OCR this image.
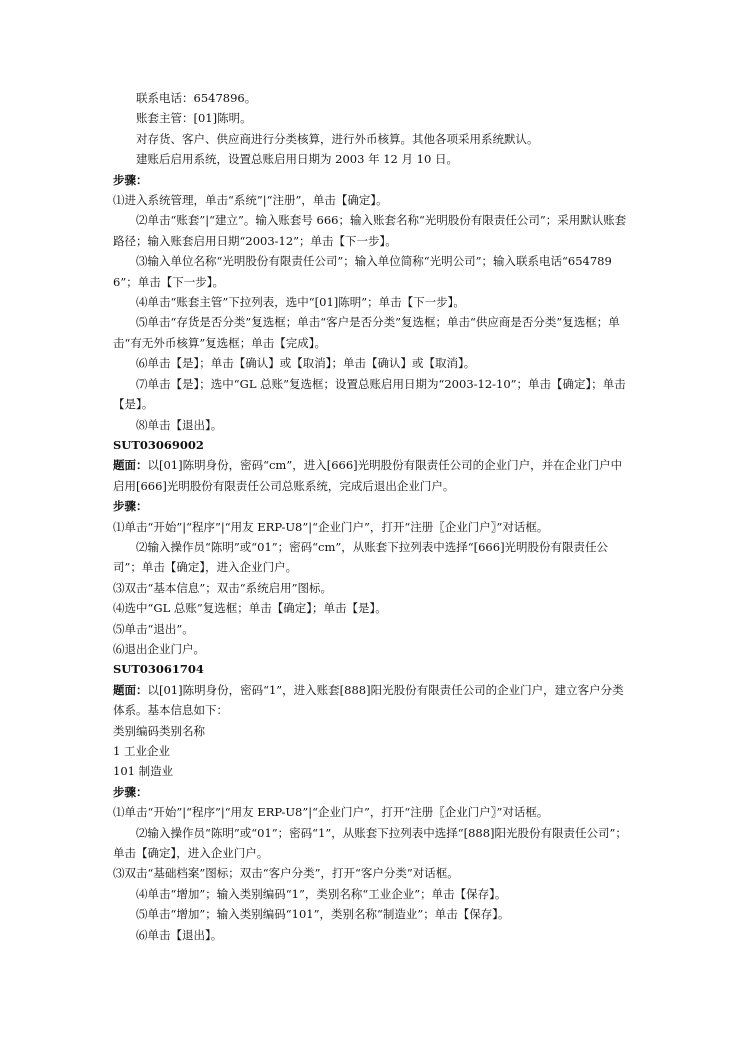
联系电话：6547896。

账套主管：[01]陈明。

对存货、客户、供应商进行分类核算，进行外币核算。其他各项采用系统默认。

建账后启用系统，设置总账启用日期为 2003 年 12 月 10 日。

步骤：

⑴进入系统管理，单击“系统”|“注册”，单击【确定】。

⑵单击“账套”|“建立”。输入账套号 666；输入账套名称“光明股份有限责任公司”；采用默认账套路径；输入账套启用日期“2003-12”；单击【下一步】。

⑶输入单位名称“光明股份有限责任公司”；输入单位简称“光明公司”；输入联系电话“6547896”；单击【下一步】。

⑷单击“账套主管”下拉列表，选中“[01]陈明”；单击【下一步】。

⑸单击“存货是否分类”复选框；单击“客户是否分类”复选框；单击“供应商是否分类”复选框；单击“有无外币核算”复选框；单击【完成】。

⑹单击【是】；单击【确认】或【取消】；单击【确认】或【取消】。

⑺单击【是】；选中“GL 总账”复选框；设置总账启用日期为“2003-12-10”；单击【确定】；单击【是】。

⑻单击【退出】。

SUT03069002

题面：以[01]陈明身份，密码“cm”，进入[666]光明股份有限责任公司的企业门户，并在企业门户中启用[666]光明股份有限责任公司总账系统，完成后退出企业门户。

步骤：

⑴单击“开始”|“程序”|“用友 ERP-U8”|“企业门户”，打开“注册〖企业门户〗”对话框。

⑵输入操作员“陈明”或“01”；密码“cm”，从账套下拉列表中选择“[666]光明股份有限责任公司”；单击【确定】，进入企业门户。

⑶双击“基本信息”；双击“系统启用”图标。

⑷选中“GL 总账”复选框；单击【确定】；单击【是】。

⑸单击“退出”。

⑹退出企业门户。

SUT03061704

题面：以[01]陈明身份，密码“1”，进入账套[888]阳光股份有限责任公司的企业门户，建立客户分类体系。基本信息如下：

类别编码类别名称

1 工业企业

101 制造业

步骤：

⑴单击“开始”|“程序”|“用友 ERP-U8”|“企业门户”，打开“注册〖企业门户〗”对话框。

⑵输入操作员“陈明”或“01”；密码“1”，从账套下拉列表中选择“[888]阳光股份有限责任公司”；单击【确定】，进入企业门户。

⑶双击“基础档案”图标；双击“客户分类”，打开“客户分类”对话框。

⑷单击“增加”；输入类别编码“1”，类别名称“工业企业”；单击【保存】。

⑸单击“增加”；输入类别编码“101”，类别名称“制造业”；单击【保存】。

⑹单击【退出】。
